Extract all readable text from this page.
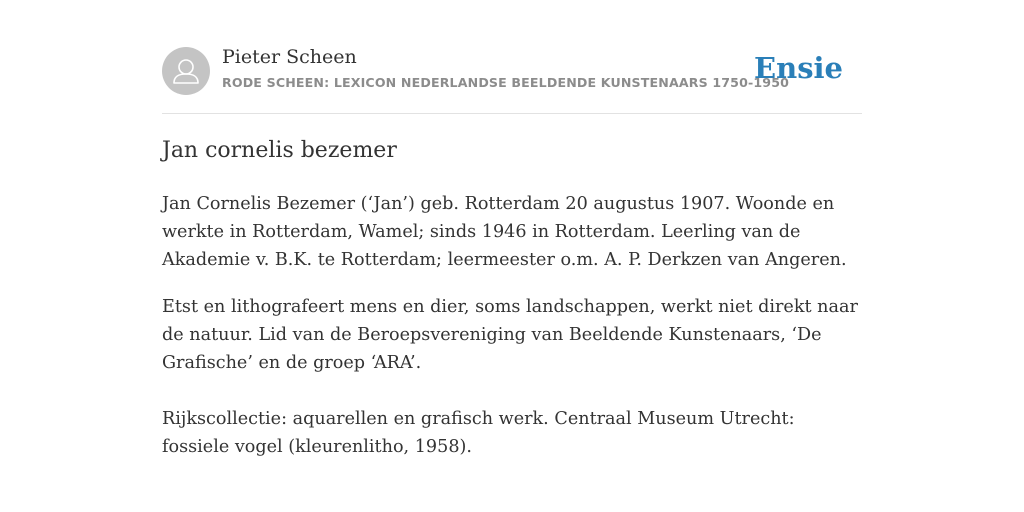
Pieter Scheen
RODE SCHEEN: LEXICON NEDERLANDSE BEELDENDE KUNSTENAARS 1750-1950
Ensie
Jan cornelis bezemer

Jan Cornelis Bezemer (‘Jan’) geb. Rotterdam 20 augustus 1907. Woonde en werkte in Rotterdam, Wamel; sinds 1946 in Rotterdam. Leerling van de Akademie v. B.K. te Rotterdam; leermeester o.m. A. P. Derkzen van Angeren.

Etst en lithografeert mens en dier, soms landschappen, werkt niet direkt naar de natuur. Lid van de Beroepsvereniging van Beeldende Kunstenaars, ‘De Grafische’ en de groep ‘ARA’.

Rijkscollectie: aquarellen en grafisch werk. Centraal Museum Utrecht: fossiele vogel (kleurenlitho, 1958).
